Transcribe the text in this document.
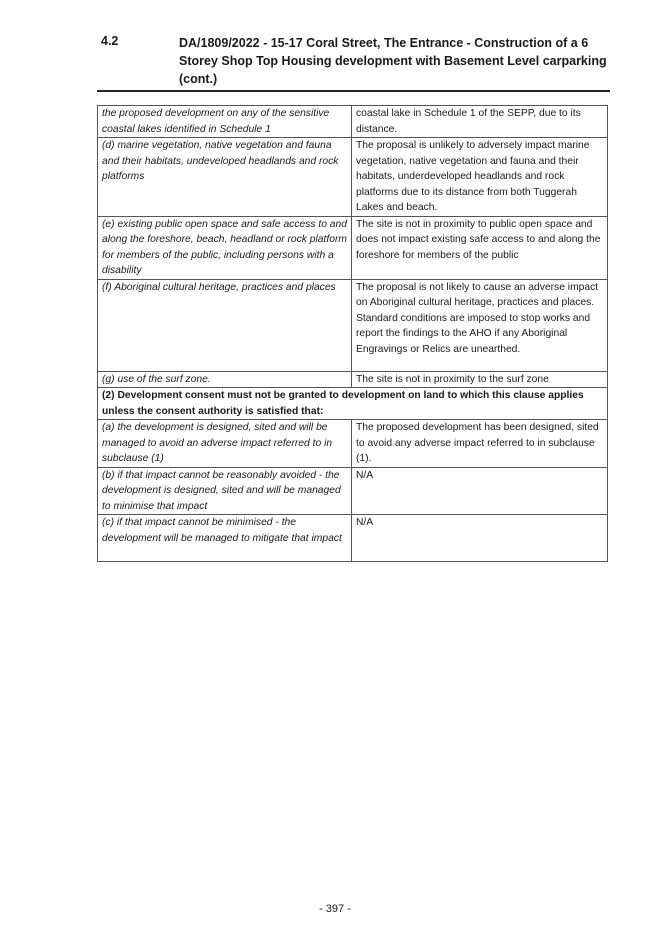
4.2	DA/1809/2022 - 15-17 Coral Street, The Entrance - Construction of a 6 Storey Shop Top Housing development with Basement Level carparking (cont.)
the proposed development on any of the sensitive coastal lakes identified in Schedule 1	coastal lake in Schedule 1 of the SEPP, due to its distance.
(d) marine vegetation, native vegetation and fauna and their habitats, undeveloped headlands and rock platforms	The proposal is unlikely to adversely impact marine vegetation, native vegetation and fauna and their habitats, underdeveloped headlands and rock platforms due to its distance from both Tuggerah Lakes and beach.
(e) existing public open space and safe access to and along the foreshore, beach, headland or rock platform for members of the public, including persons with a disability	The site is not in proximity to public open space and does not impact existing safe access to and along the foreshore for members of the public
(f) Aboriginal cultural heritage, practices and places	The proposal is not likely to cause an adverse impact on Aboriginal cultural heritage, practices and places. Standard conditions are imposed to stop works and report the findings to the AHO if any Aboriginal Engravings or Relics are unearthed.
(g) use of the surf zone.	The site is not in proximity to the surf zone
(2) Development consent must not be granted to development on land to which this clause applies unless the consent authority is satisfied that:	
(a) the development is designed, sited and will be managed to avoid an adverse impact referred to in subclause (1)	The proposed development has been designed, sited to avoid any adverse impact referred to in subclause (1).
(b) if that impact cannot be reasonably avoided - the development is designed, sited and will be managed to minimise that impact	N/A
(c) if that impact cannot be minimised - the development will be managed to mitigate that impact	N/A
- 397 -
